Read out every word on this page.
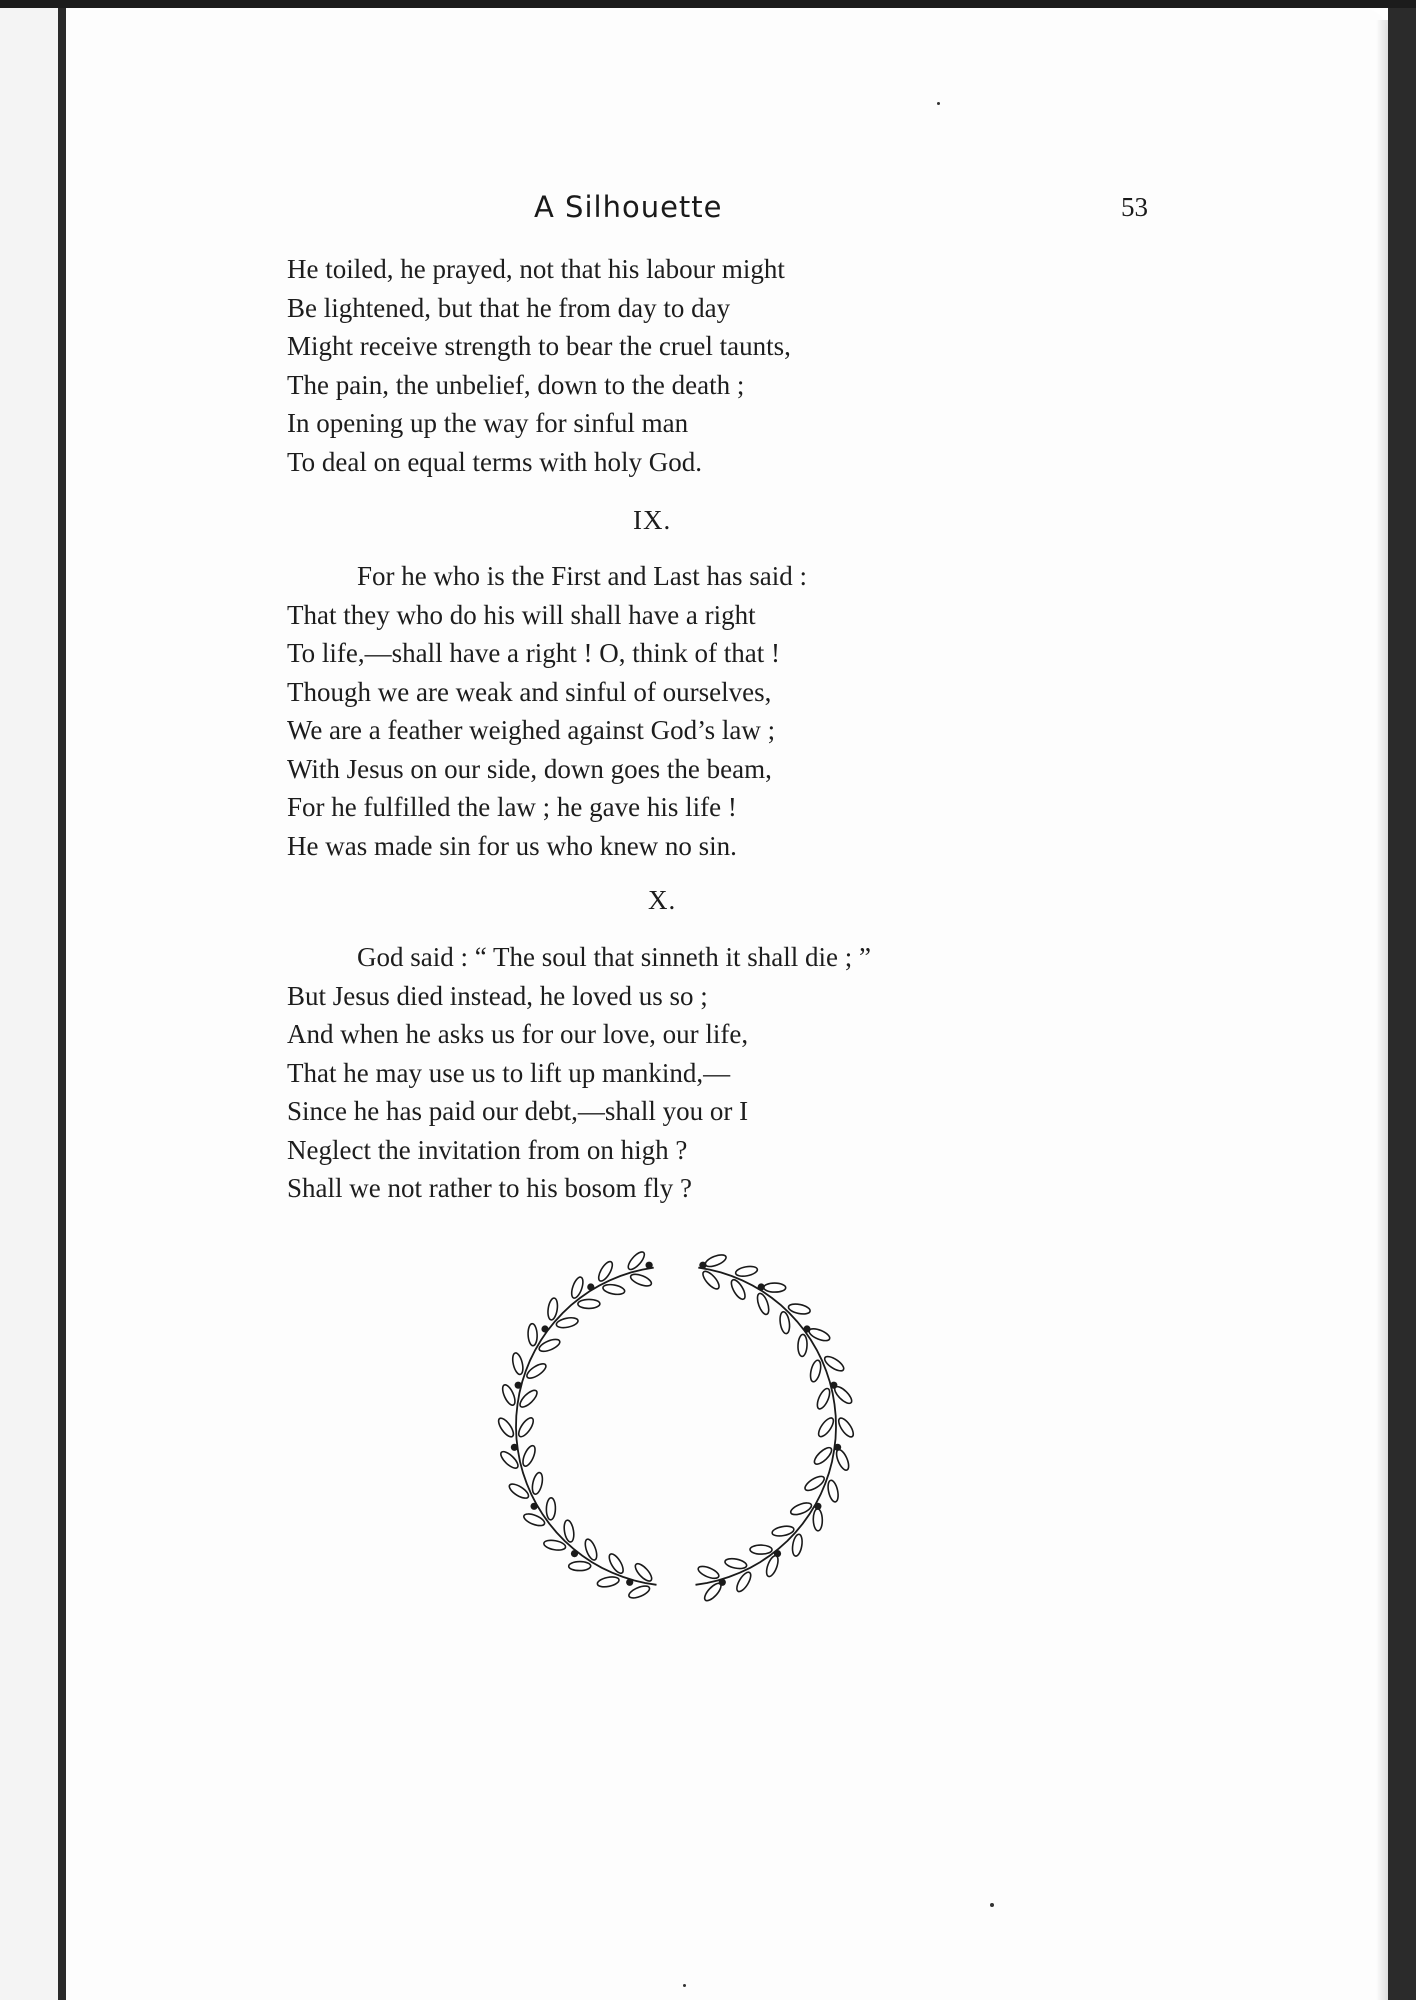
A Silhouette	53
He toiled, he prayed, not that his labour might
Be lightened, but that he from day to day
Might receive strength to bear the cruel taunts,
The pain, the unbelief, down to the death ;
In opening up the way for sinful man
To deal on equal terms with holy God.
IX.
For he who is the First and Last has said :
That they who do his will shall have a right
To life,—shall have a right ! O, think of that !
Though we are weak and sinful of ourselves,
We are a feather weighed against God’s law ;
With Jesus on our side, down goes the beam,
For he fulfilled the law ; he gave his life !
He was made sin for us who knew no sin.
X.
God said : “ The soul that sinneth it shall die ; ”
But Jesus died instead, he loved us so ;
And when he asks us for our love, our life,
That he may use us to lift up mankind,—
Since he has paid our debt,—shall you or I
Neglect the invitation from on high ?
Shall we not rather to his bosom fly ?
